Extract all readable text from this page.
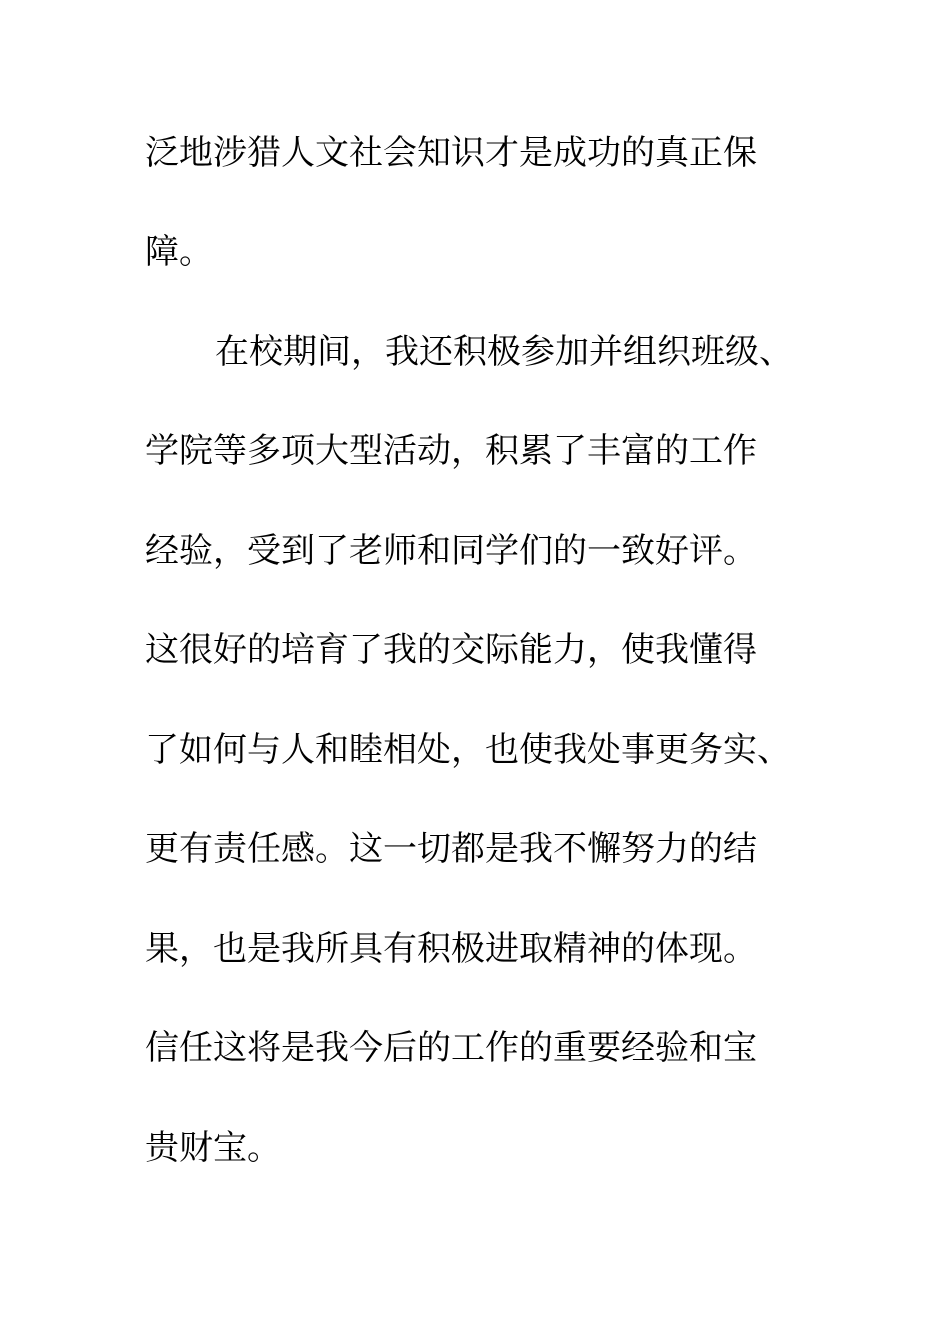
泛地涉猎人文社会知识才是成功的真正保
障。
在校期间，我还积极参加并组织班级、
学院等多项大型活动，积累了丰富的工作
经验，受到了老师和同学们的一致好评。
这很好的培育了我的交际能力，使我懂得
了如何与人和睦相处，也使我处事更务实、
更有责任感。这一切都是我不懈努力的结
果，也是我所具有积极进取精神的体现。
信任这将是我今后的工作的重要经验和宝
贵财宝。
